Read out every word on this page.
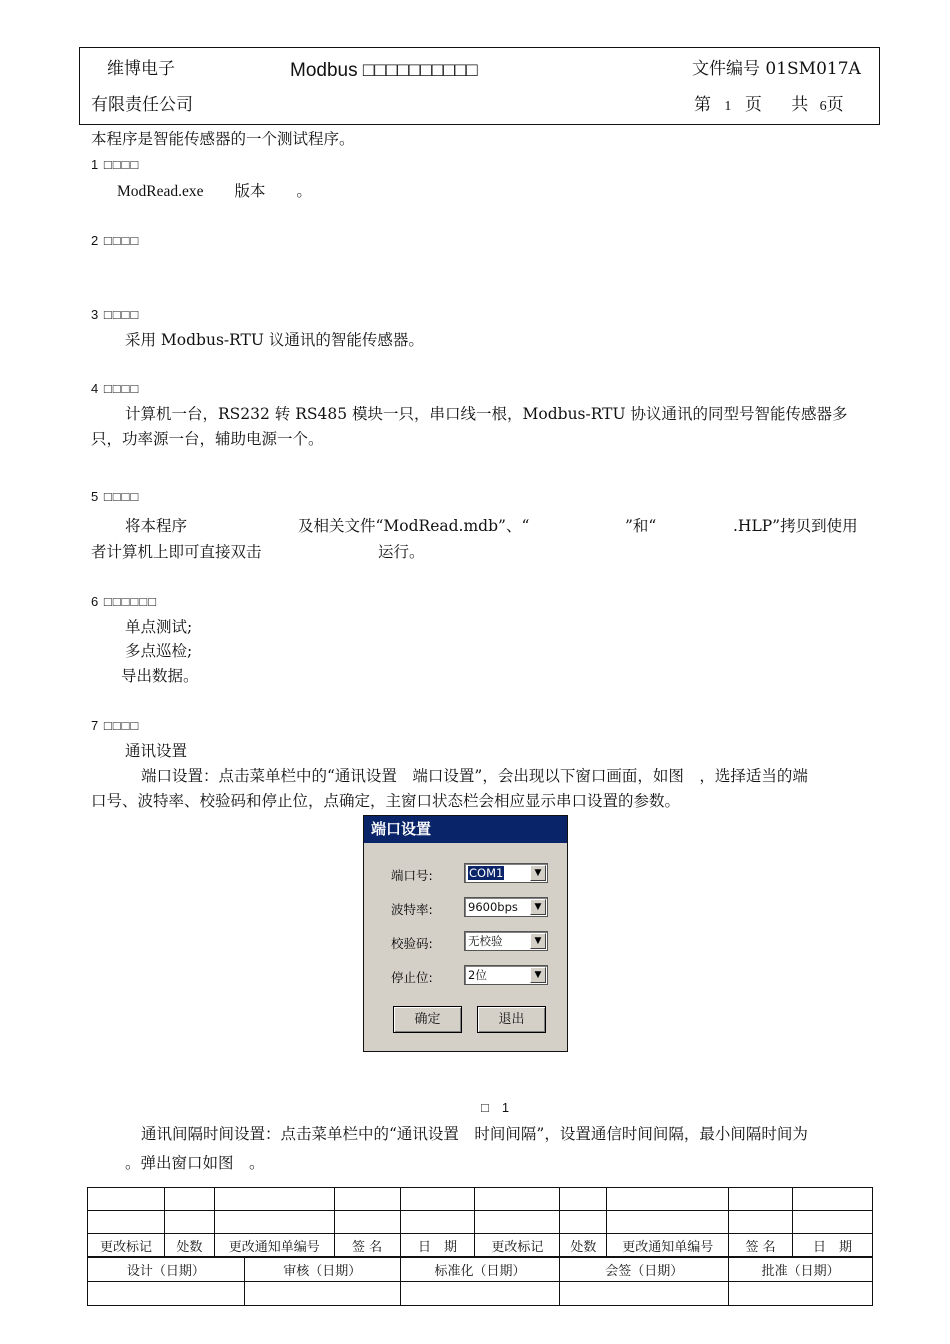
维博电子
有限责任公司
Modbus □□□□□□□□□□	文件编号 01SM017A
第 1 页 共 6页
本程序是智能传感器的一个测试程序。
1 □□□□
ModRead.exe 版本 。
2 □□□□
3 □□□□
采用 Modbus-RTU 议通讯的智能传感器。
4 □□□□
计算机一台，RS232 转 RS485 模块一只，串口线一根，Modbus-RTU 协议通讯的同型号智能传感器多
只，功率源一台，辅助电源一个。
5 □□□□
将本程序	及相关文件“ModRead.mdb”、“	”和“	.HLP”拷贝到使用
者计算机上即可直接双击	运行。
6 □□□□□□
单点测试;
多点巡检;
导出数据。
7 □□□□
通讯设置
端口设置：点击菜单栏中的“通讯设置　端口设置”，会出现以下窗口画面，如图　，选择适当的端
口号、波特率、校验码和停止位，点确定，主窗口状态栏会相应显示串口设置的参数。
端口设置
端口号:	COM1	▼
波特率:	9600bps	▼
校验码:	无校验	▼
停止位:	2位	▼
确定	退出
□　1
通讯间隔时间设置：点击菜单栏中的“通讯设置　时间间隔”，设置通信时间间隔，最小间隔时间为
。弹出窗口如图　。

更改标记	处数	更改通知单编号	签 名	日　期	更改标记	处数	更改通知单编号	签 名	日　期
设计（日期）	审核（日期）	标准化（日期）	会签（日期）	批准（日期）
